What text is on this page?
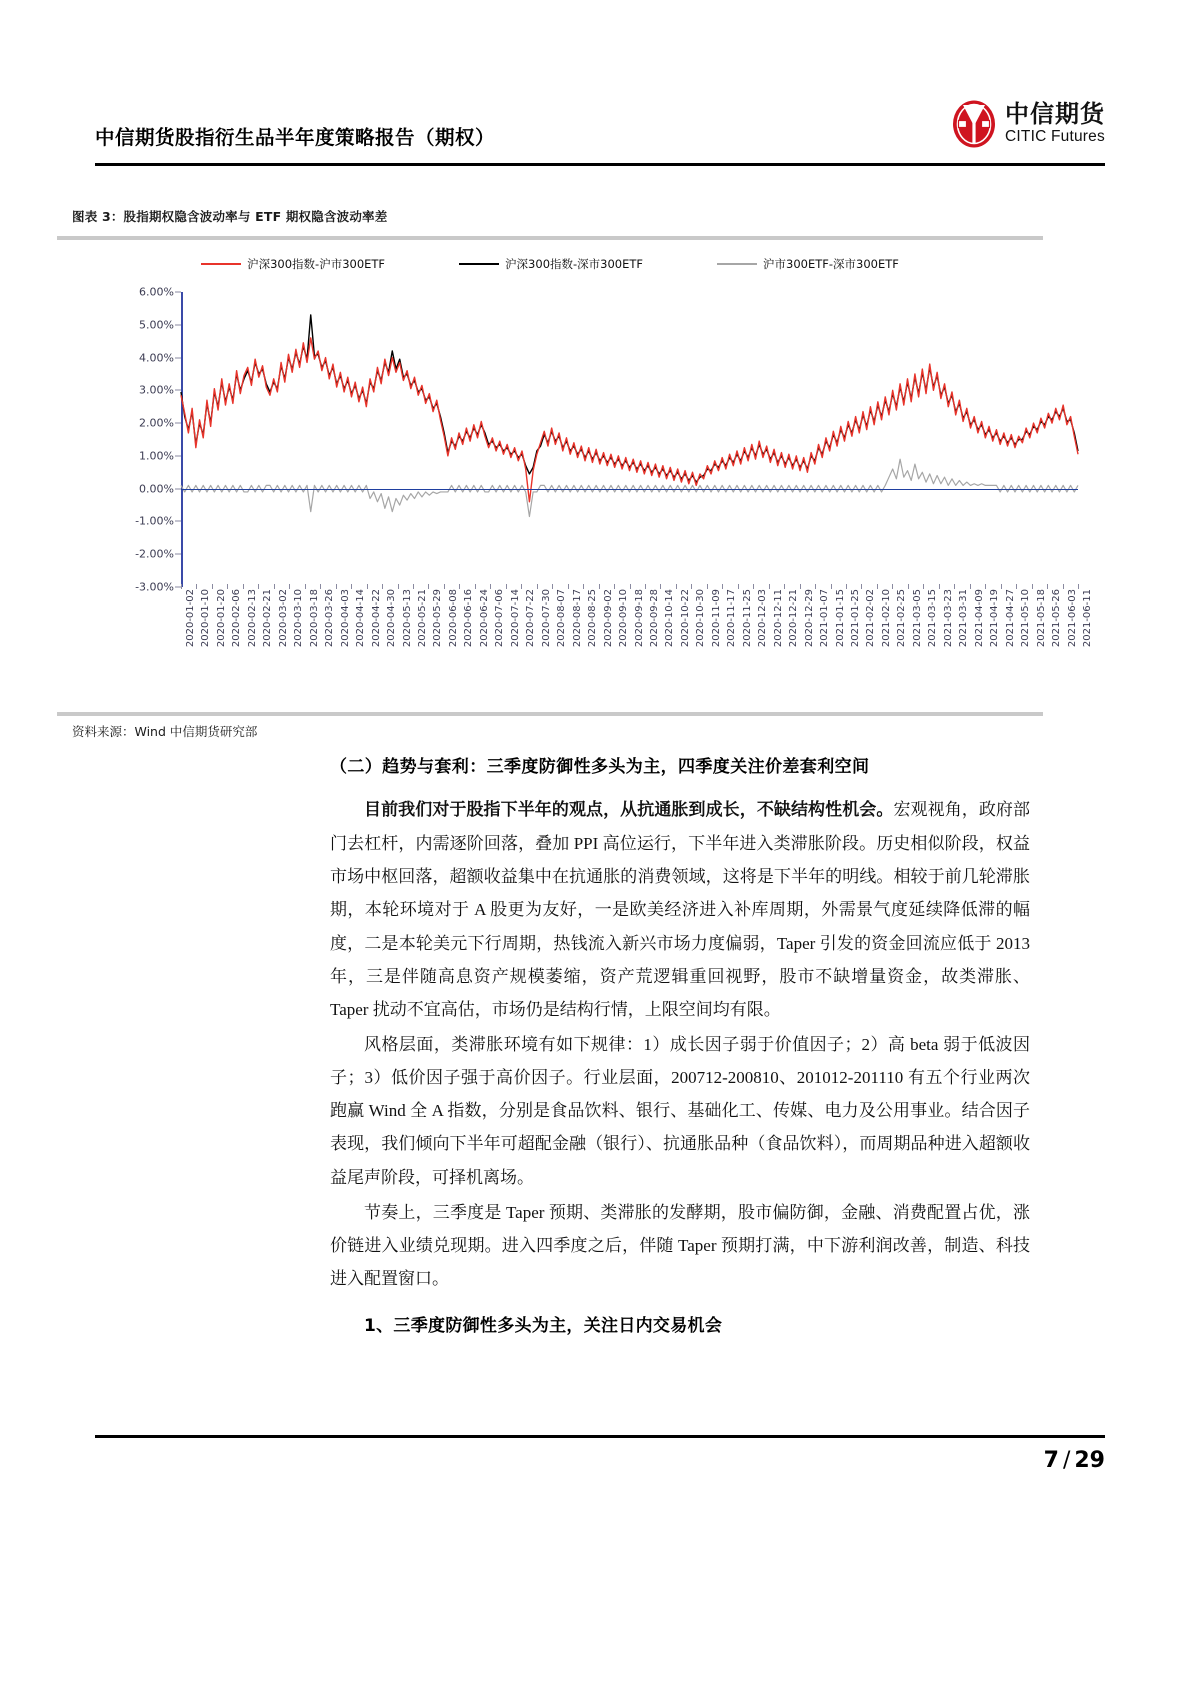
中信期货股指衍生品半年度策略报告（期权）
中信期货
CITIC Futures
图表 3：股指期权隐含波动率与 ETF 期权隐含波动率差
沪深300指数-沪市300ETF	沪深300指数-深市300ETF	沪市300ETF-深市300ETF
6.00%
5.00%
4.00%
3.00%
2.00%
1.00%
0.00%
-1.00%
-2.00%
-3.00%
2020-01-02 2020-01-10 2020-01-20 2020-02-06 2020-02-13 2020-02-21 2020-03-02 2020-03-10 2020-03-18 2020-03-26 2020-04-03 2020-04-14 2020-04-22 2020-04-30 2020-05-13 2020-05-21 2020-05-29 2020-06-08 2020-06-16 2020-06-24 2020-07-06 2020-07-14 2020-07-22 2020-07-30 2020-08-07 2020-08-17 2020-08-25 2020-09-02 2020-09-10 2020-09-18 2020-09-28 2020-10-14 2020-10-22 2020-10-30 2020-11-09 2020-11-17 2020-11-25 2020-12-03 2020-12-11 2020-12-21 2020-12-29 2021-01-07 2021-01-15 2021-01-25 2021-02-02 2021-02-10 2021-02-25 2021-03-05 2021-03-15 2021-03-23 2021-03-31 2021-04-09 2021-04-19 2021-04-27 2021-05-10 2021-05-18 2021-05-26 2021-06-03 2021-06-11
资料来源：Wind 中信期货研究部

（二）趋势与套利：三季度防御性多头为主，四季度关注价差套利空间

目前我们对于股指下半年的观点，从抗通胀到成长，不缺结构性机会。宏观视角，政府部门去杠杆，内需逐阶回落，叠加 PPI 高位运行，下半年进入类滞胀阶段。历史相似阶段，权益市场中枢回落，超额收益集中在抗通胀的消费领域，这将是下半年的明线。相较于前几轮滞胀期，本轮环境对于 A 股更为友好，一是欧美经济进入补库周期，外需景气度延续降低滞的幅度，二是本轮美元下行周期，热钱流入新兴市场力度偏弱，Taper 引发的资金回流应低于 2013 年，三是伴随高息资产规模萎缩，资产荒逻辑重回视野，股市不缺增量资金，故类滞胀、Taper 扰动不宜高估，市场仍是结构行情，上限空间均有限。

风格层面，类滞胀环境有如下规律：1）成长因子弱于价值因子；2）高 beta 弱于低波因子；3）低价因子强于高价因子。行业层面，200712-200810、201012-201110 有五个行业两次跑赢 Wind 全 A 指数，分别是食品饮料、银行、基础化工、传媒、电力及公用事业。结合因子表现，我们倾向下半年可超配金融（银行）、抗通胀品种（食品饮料），而周期品种进入超额收益尾声阶段，可择机离场。

节奏上，三季度是 Taper 预期、类滞胀的发酵期，股市偏防御，金融、消费配置占优，涨价链进入业绩兑现期。进入四季度之后，伴随 Taper 预期打满，中下游利润改善，制造、科技进入配置窗口。

1、三季度防御性多头为主，关注日内交易机会

7 / 29
